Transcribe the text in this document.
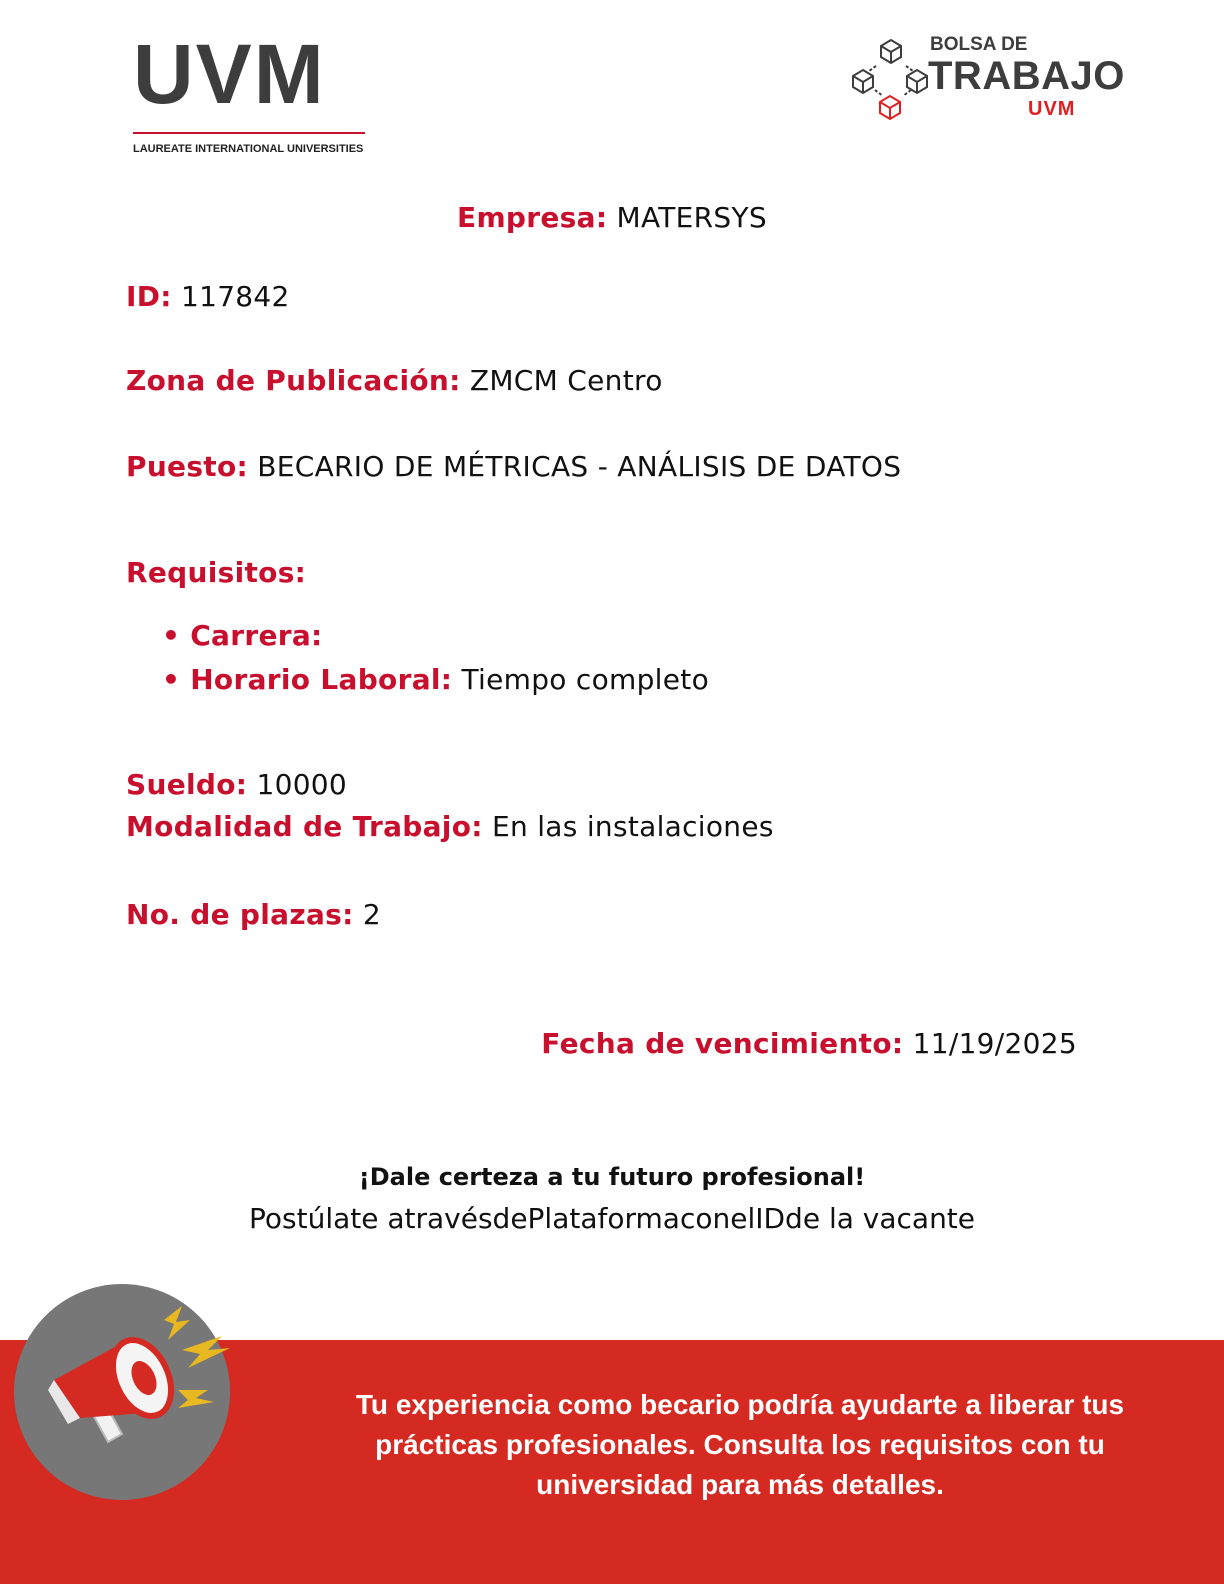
UVM
LAUREATE INTERNATIONAL UNIVERSITIES
BOLSA DE
TRABAJO
UVM
Empresa: MATERSYS
ID: 117842
Zona de Publicación: ZMCM Centro
Puesto: BECARIO DE MÉTRICAS - ANÁLISIS DE DATOS
Requisitos:
• Carrera:
• Horario Laboral: Tiempo completo
Sueldo: 10000
Modalidad de Trabajo: En las instalaciones
No. de plazas: 2
Fecha de vencimiento: 11/19/2025
¡Dale certeza a tu futuro profesional!
Postúlate atravésdePlataformaconelIDde la vacante
Tu experiencia como becario podría ayudarte a liberar tus prácticas profesionales. Consulta los requisitos con tu universidad para más detalles.
